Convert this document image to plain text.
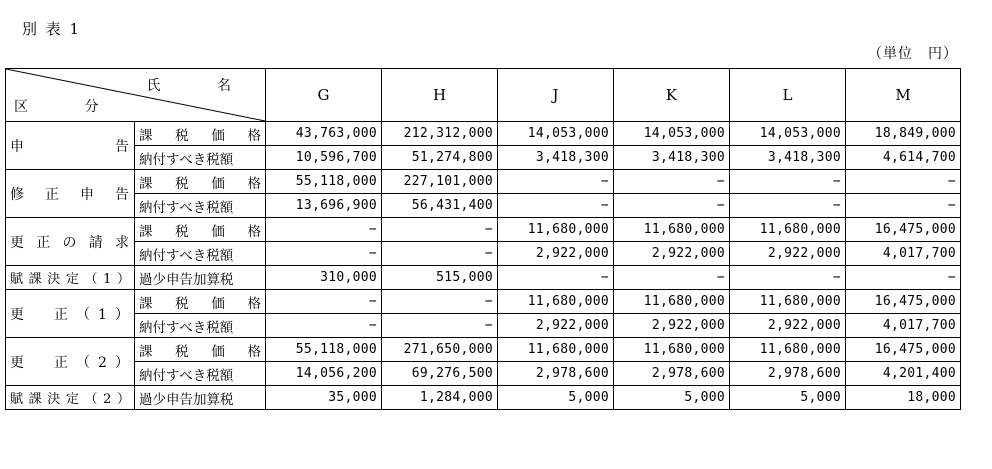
別 表 1
（単位　円）
氏 名
区 分		G	H	J	K	L	M
申　告	課税価格	43,763,000	212,312,000	14,053,000	14,053,000	14,053,000	18,849,000
	納付すべき税額	10,596,700	51,274,800	3,418,300	3,418,300	3,418,300	4,614,700
修正申告	課税価格	55,118,000	227,101,000	−	−	−	−
	納付すべき税額	13,696,900	56,431,400	−	−	−	−
更正の請求	課税価格	−	−	11,680,000	11,680,000	11,680,000	16,475,000
	納付すべき税額	−	−	2,922,000	2,922,000	2,922,000	4,017,700
賦課決定（1）	過少申告加算税	310,000	515,000	−	−	−	−
更　正（1）	課税価格	−	−	11,680,000	11,680,000	11,680,000	16,475,000
	納付すべき税額	−	−	2,922,000	2,922,000	2,922,000	4,017,700
更　正（2）	課税価格	55,118,000	271,650,000	11,680,000	11,680,000	11,680,000	16,475,000
	納付すべき税額	14,056,200	69,276,500	2,978,600	2,978,600	2,978,600	4,201,400
賦課決定（2）	過少申告加算税	35,000	1,284,000	5,000	5,000	5,000	18,000
